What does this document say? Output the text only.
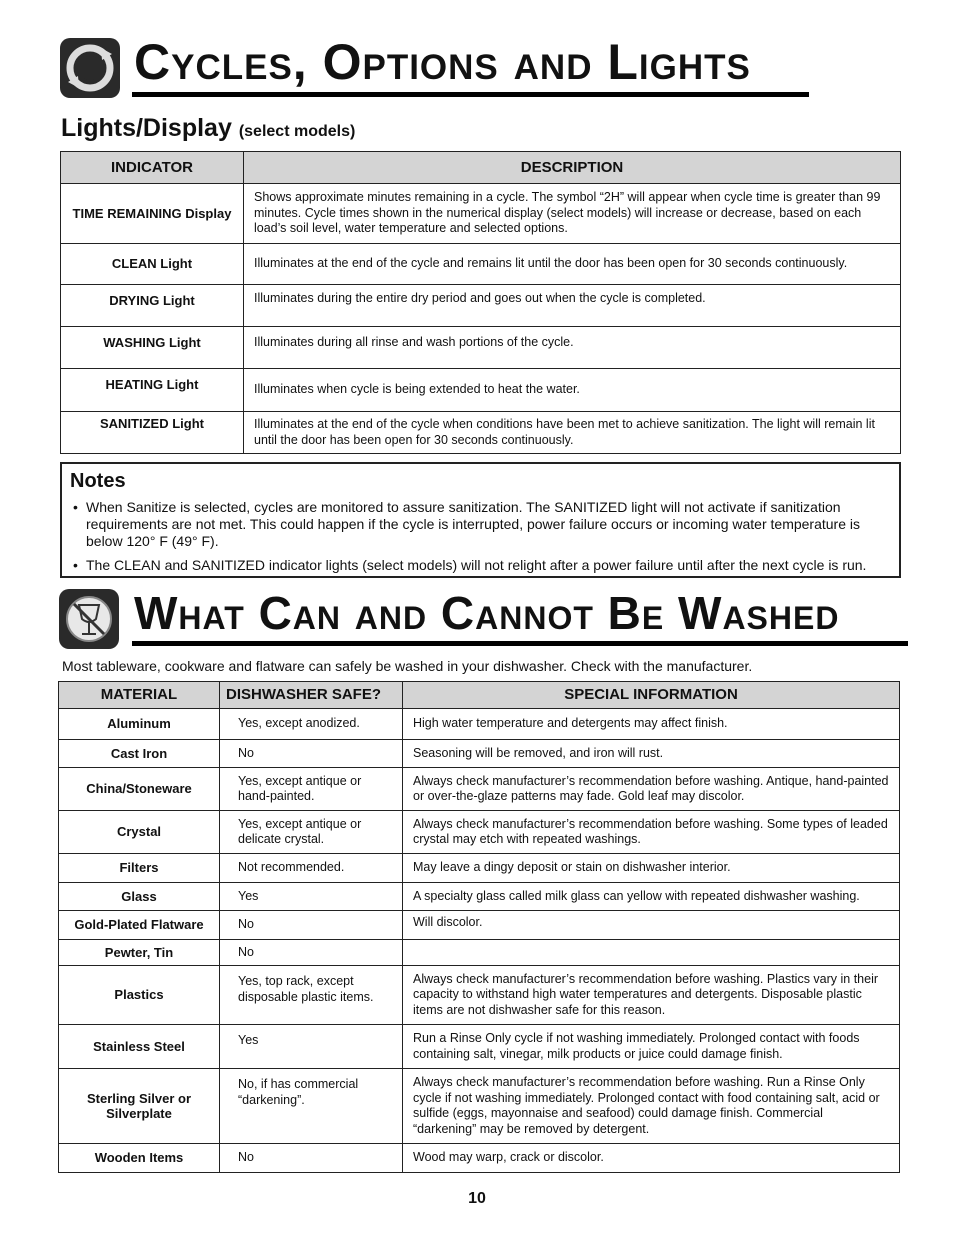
Cycles, Options and Lights
Lights/Display (select models)
INDICATOR	DESCRIPTION
TIME REMAINING Display	Shows approximate minutes remaining in a cycle. The symbol “2H” will appear when cycle time is greater than 99 minutes. Cycle times shown in the numerical display (select models) will increase or decrease, based on each load’s soil level, water temperature and selected options.
CLEAN Light	Illuminates at the end of the cycle and remains lit until the door has been open for 30 seconds continuously.
DRYING Light	Illuminates during the entire dry period and goes out when the cycle is completed.
WASHING Light	Illuminates during all rinse and wash portions of the cycle.
HEATING Light	Illuminates when cycle is being extended to heat the water.
SANITIZED Light	Illuminates at the end of the cycle when conditions have been met to achieve sanitization. The light will remain lit until the door has been open for 30 seconds continuously.
Notes
• When Sanitize is selected, cycles are monitored to assure sanitization. The SANITIZED light will not activate if sanitization requirements are not met. This could happen if the cycle is interrupted, power failure occurs or incoming water temperature is below 120° F (49° F).
• The CLEAN and SANITIZED indicator lights (select models) will not relight after a power failure until after the next cycle is run.
What Can and Cannot Be Washed
Most tableware, cookware and flatware can safely be washed in your dishwasher. Check with the manufacturer.
MATERIAL	DISHWASHER SAFE?	SPECIAL INFORMATION
Aluminum	Yes, except anodized.	High water temperature and detergents may affect finish.
Cast Iron	No	Seasoning will be removed, and iron will rust.
China/Stoneware	Yes, except antique or hand-painted.	Always check manufacturer’s recommendation before washing. Antique, hand-painted or over-the-glaze patterns may fade. Gold leaf may discolor.
Crystal	Yes, except antique or delicate crystal.	Always check manufacturer’s recommendation before washing. Some types of leaded crystal may etch with repeated washings.
Filters	Not recommended.	May leave a dingy deposit or stain on dishwasher interior.
Glass	Yes	A specialty glass called milk glass can yellow with repeated dishwasher washing.
Gold-Plated Flatware	No	Will discolor.
Pewter, Tin	No	
Plastics	Yes, top rack, except disposable plastic items.	Always check manufacturer’s recommendation before washing. Plastics vary in their capacity to withstand high water temperatures and detergents. Disposable plastic items are not dishwasher safe for this reason.
Stainless Steel	Yes	Run a Rinse Only cycle if not washing immediately. Prolonged contact with foods containing salt, vinegar, milk products or juice could damage finish.
Sterling Silver or Silverplate	No, if has commercial “darkening”.	Always check manufacturer’s recommendation before washing. Run a Rinse Only cycle if not washing immediately. Prolonged contact with food containing salt, acid or sulfide (eggs, mayonnaise and seafood) could damage finish. Commercial “darkening” may be removed by detergent.
Wooden Items	No	Wood may warp, crack or discolor.
10
